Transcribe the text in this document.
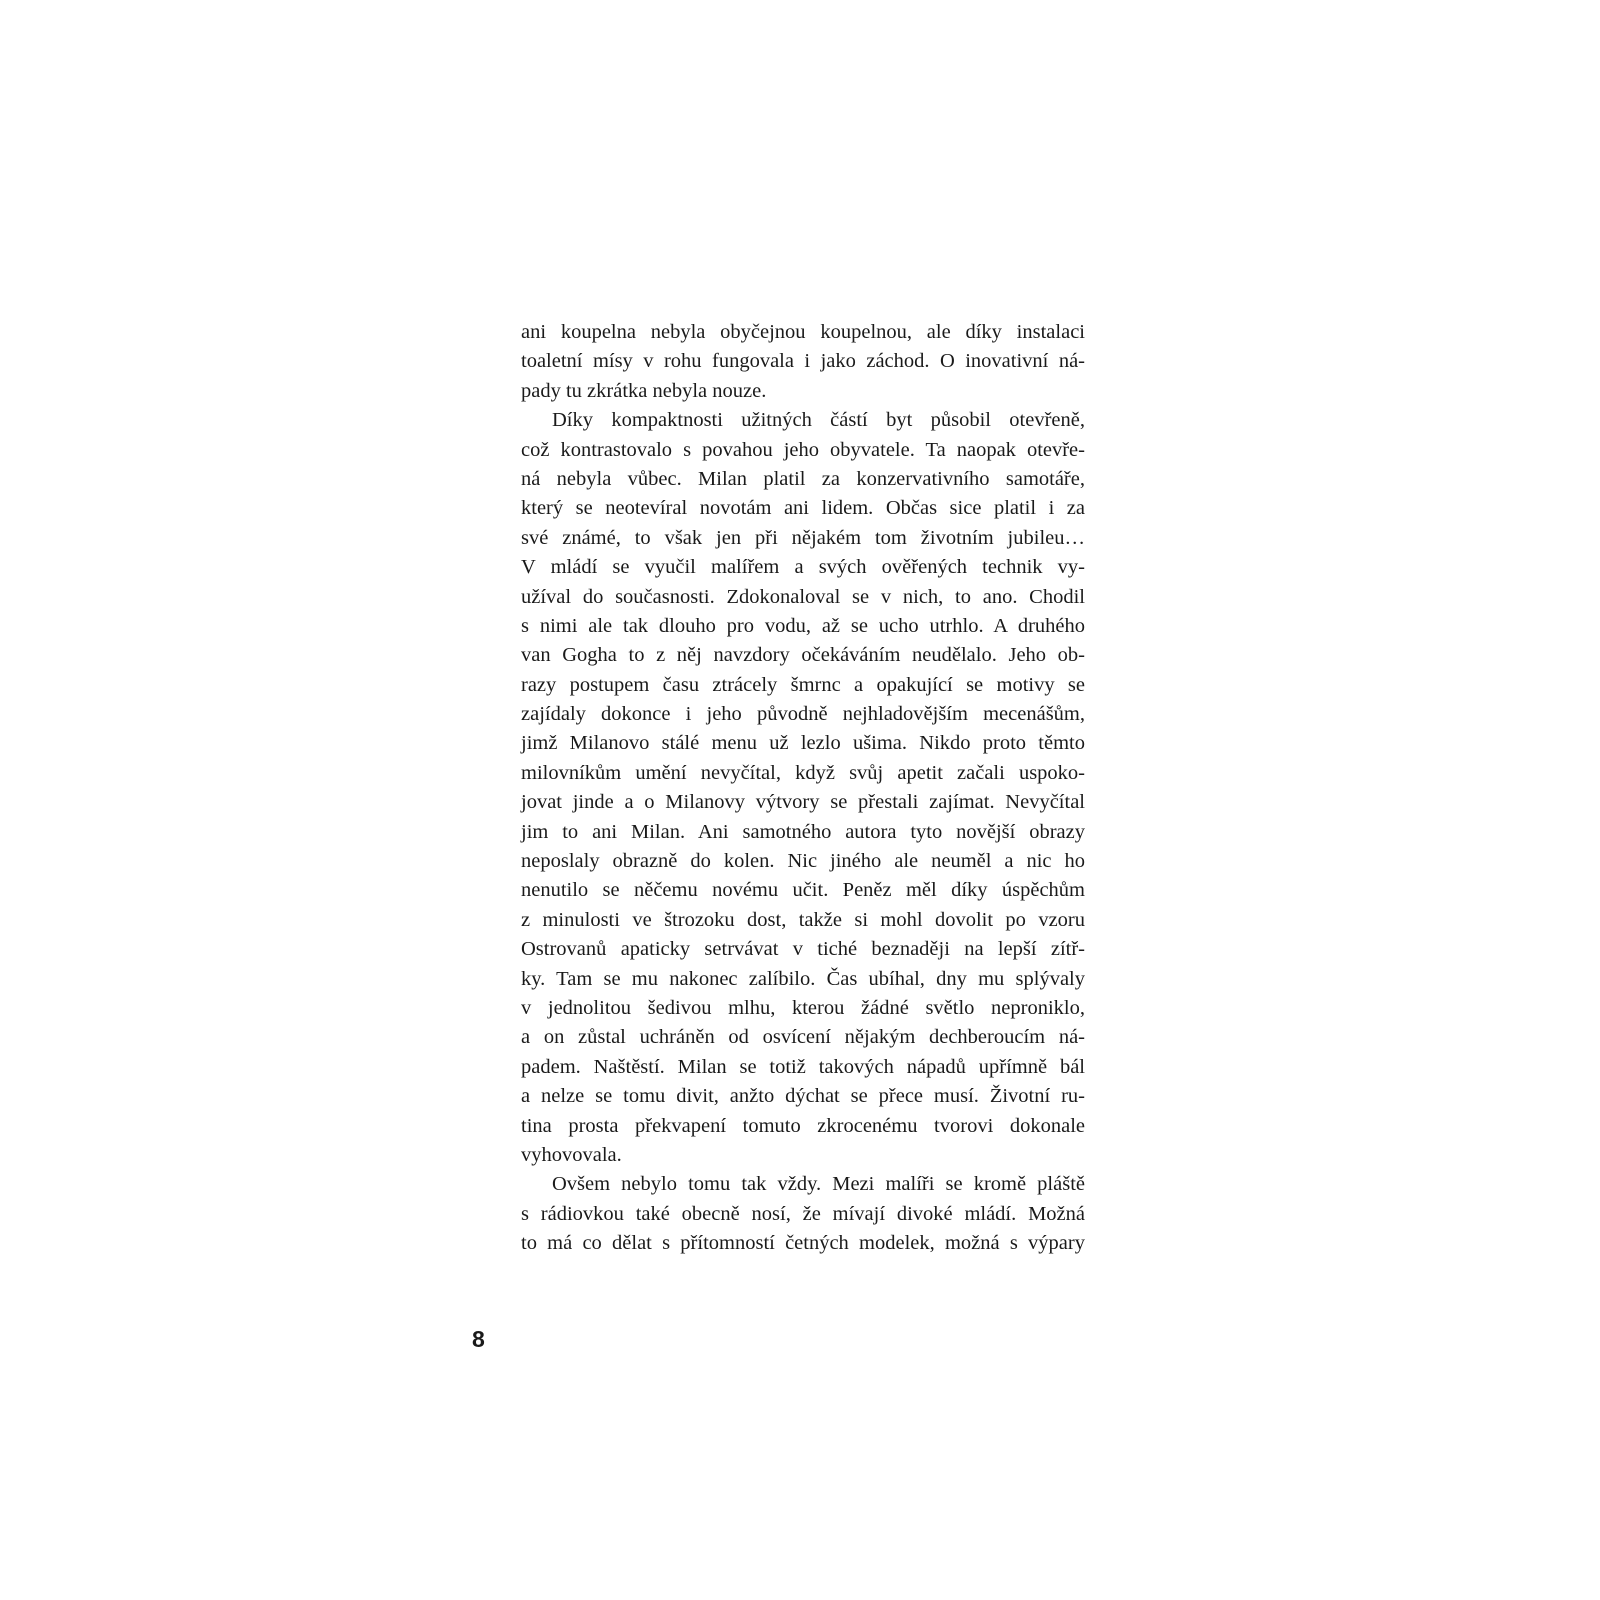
ani koupelna nebyla obyčejnou koupelnou, ale díky instalaci
toaletní mísy v rohu fungovala i jako záchod. O inovativní ná-
pady tu zkrátka nebyla nouze.
Díky kompaktnosti užitných částí byt působil otevřeně,
což kontrastovalo s povahou jeho obyvatele. Ta naopak otevře-
ná nebyla vůbec. Milan platil za konzervativního samotáře,
který se neotevíral novotám ani lidem. Občas sice platil i za
své známé, to však jen při nějakém tom životním jubileu…
V mládí se vyučil malířem a svých ověřených technik vy-
užíval do současnosti. Zdokonaloval se v nich, to ano. Chodil
s nimi ale tak dlouho pro vodu, až se ucho utrhlo. A druhého
van Gogha to z něj navzdory očekáváním neudělalo. Jeho ob-
razy postupem času ztrácely šmrnc a opakující se motivy se
zajídaly dokonce i jeho původně nejhladovějším mecenášům,
jimž Milanovo stálé menu už lezlo ušima. Nikdo proto těmto
milovníkům umění nevyčítal, když svůj apetit začali uspoko-
jovat jinde a o Milanovy výtvory se přestali zajímat. Nevyčítal
jim to ani Milan. Ani samotného autora tyto novější obrazy
neposlaly obrazně do kolen. Nic jiného ale neuměl a nic ho
nenutilo se něčemu novému učit. Peněz měl díky úspěchům
z minulosti ve štrozoku dost, takže si mohl dovolit po vzoru
Ostrovanů apaticky setrvávat v tiché beznaději na lepší zítř-
ky. Tam se mu nakonec zalíbilo. Čas ubíhal, dny mu splývaly
v jednolitou šedivou mlhu, kterou žádné světlo neproniklo,
a on zůstal uchráněn od osvícení nějakým dechberoucím ná-
padem. Naštěstí. Milan se totiž takových nápadů upřímně bál
a nelze se tomu divit, anžto dýchat se přece musí. Životní ru-
tina prosta překvapení tomuto zkrocenému tvorovi dokonale
vyhovovala.
Ovšem nebylo tomu tak vždy. Mezi malíři se kromě pláště
s rádiovkou také obecně nosí, že mívají divoké mládí. Možná
to má co dělat s přítomností četných modelek, možná s výpary
8
